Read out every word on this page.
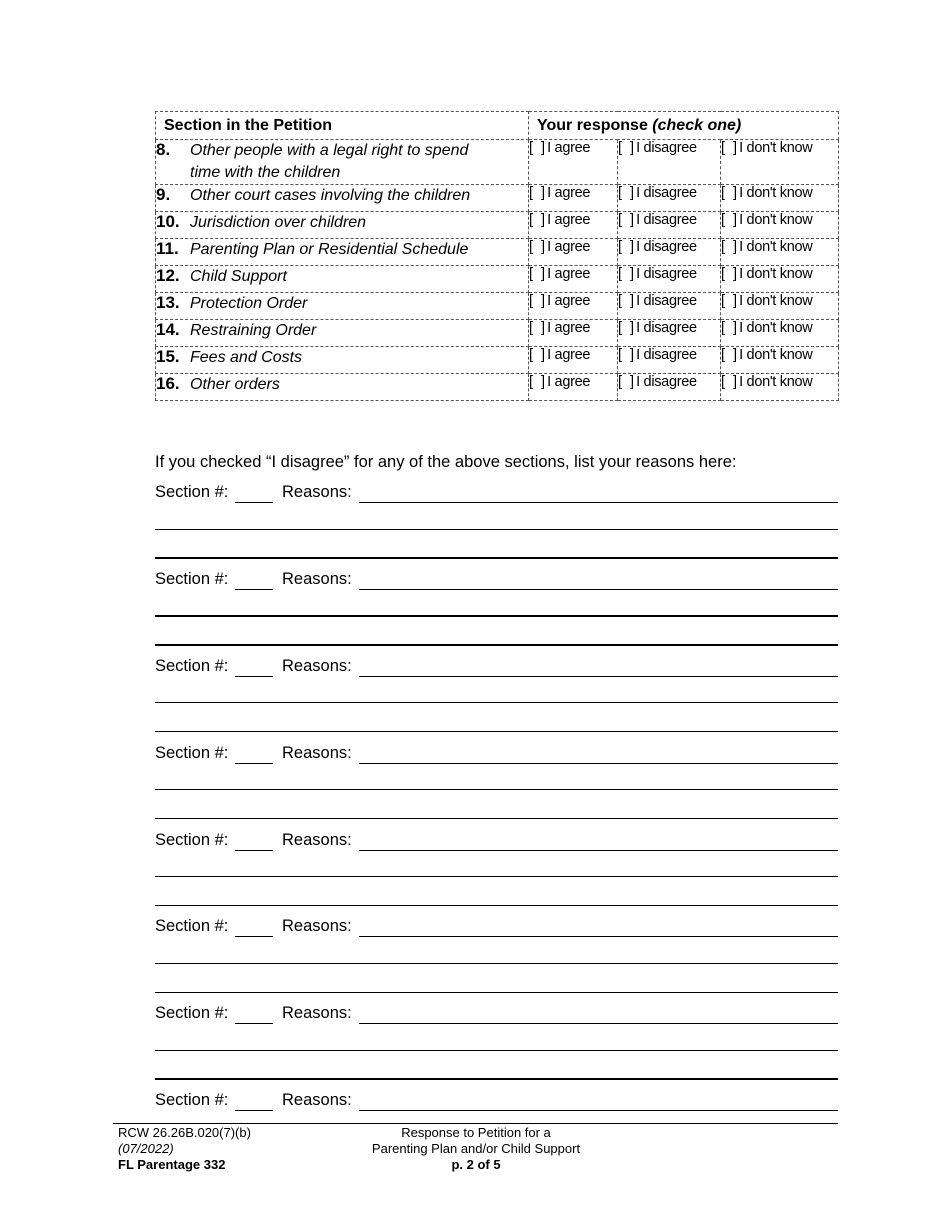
Section in the Petition	Your response (check one)		
8. Other people with a legal right to spend time with the children	[ ]I agree	[ ]I disagree	[ ]I don't know
9. Other court cases involving the children	[ ]I agree	[ ]I disagree	[ ]I don't know
10. Jurisdiction over children	[ ]I agree	[ ]I disagree	[ ]I don't know
11. Parenting Plan or Residential Schedule	[ ]I agree	[ ]I disagree	[ ]I don't know
12. Child Support	[ ]I agree	[ ]I disagree	[ ]I don't know
13. Protection Order	[ ]I agree	[ ]I disagree	[ ]I don't know
14. Restraining Order	[ ]I agree	[ ]I disagree	[ ]I don't know
15. Fees and Costs	[ ]I agree	[ ]I disagree	[ ]I don't know
16. Other orders	[ ]I agree	[ ]I disagree	[ ]I don't know
If you checked “I disagree” for any of the above sections, list your reasons here:
Section #:	Reasons:
Section #:	Reasons:
Section #:	Reasons:
Section #:	Reasons:
Section #:	Reasons:
Section #:	Reasons:
Section #:	Reasons:
Section #:	Reasons:
RCW 26.26B.020(7)(b)
(07/2022)
FL Parentage 332
Response to Petition for a
Parenting Plan and/or Child Support
p. 2 of 5
